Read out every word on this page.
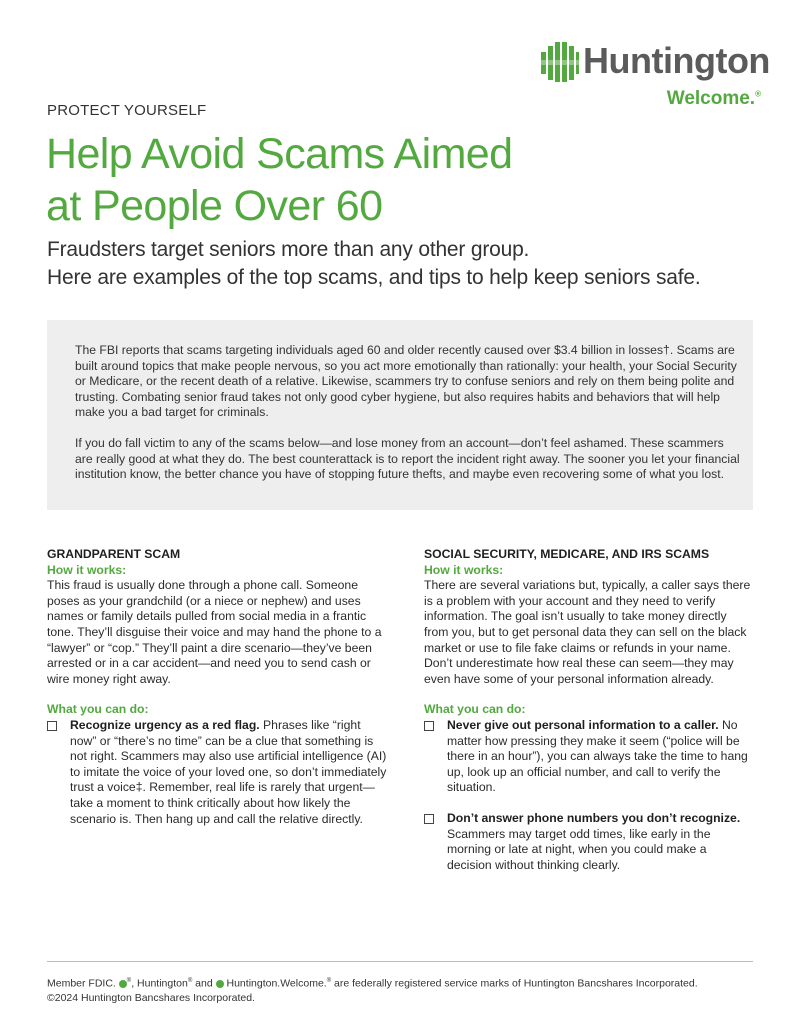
Huntington
Welcome.®
PROTECT YOURSELF
Help Avoid Scams Aimed
at People Over 60

Fraudsters target seniors more than any other group.
Here are examples of the top scams, and tips to help keep seniors safe.

The FBI reports that scams targeting individuals aged 60 and older recently caused over $3.4 billion in losses†. Scams are built around topics that make people nervous, so you act more emotionally than rationally: your health, your Social Security or Medicare, or the recent death of a relative. Likewise, scammers try to confuse seniors and rely on them being polite and trusting. Combating senior fraud takes not only good cyber hygiene, but also requires habits and behaviors that will help make you a bad target for criminals.

If you do fall victim to any of the scams below—and lose money from an account—don’t feel ashamed. These scammers are really good at what they do. The best counterattack is to report the incident right away. The sooner you let your financial institution know, the better chance you have of stopping future thefts, and maybe even recovering some of what you lost.

GRANDPARENT SCAM
How it works:

This fraud is usually done through a phone call. Someone poses as your grandchild (or a niece or nephew) and uses names or family details pulled from social media in a frantic tone. They’ll disguise their voice and may hand the phone to a “lawyer” or “cop.” They’ll paint a dire scenario—they’ve been arrested or in a car accident—and need you to send cash or wire money right away.

What you can do:
Recognize urgency as a red flag. Phrases like “right now” or “there’s no time” can be a clue that something is not right. Scammers may also use artificial intelligence (AI) to imitate the voice of your loved one, so don’t immediately trust a voice‡. Remember, real life is rarely that urgent—take a moment to think critically about how likely the scenario is. Then hang up and call the relative directly.
SOCIAL SECURITY, MEDICARE, AND IRS SCAMS
How it works:

There are several variations but, typically, a caller says there is a problem with your account and they need to verify information. The goal isn’t usually to take money directly from you, but to get personal data they can sell on the black market or use to file fake claims or refunds in your name. Don’t underestimate how real these can seem—they may even have some of your personal information already.

What you can do:
Never give out personal information to a caller. No matter how pressing they make it seem (“police will be there in an hour”), you can always take the time to hang up, look up an official number, and call to verify the situation.
Don’t answer phone numbers you don’t recognize. Scammers may target odd times, like early in the morning or late at night, when you could make a decision without thinking clearly.
Member FDIC. ®, Huntington® and  Huntington.Welcome.® are federally registered service marks of Huntington Bancshares Incorporated.
©2024 Huntington Bancshares Incorporated.
